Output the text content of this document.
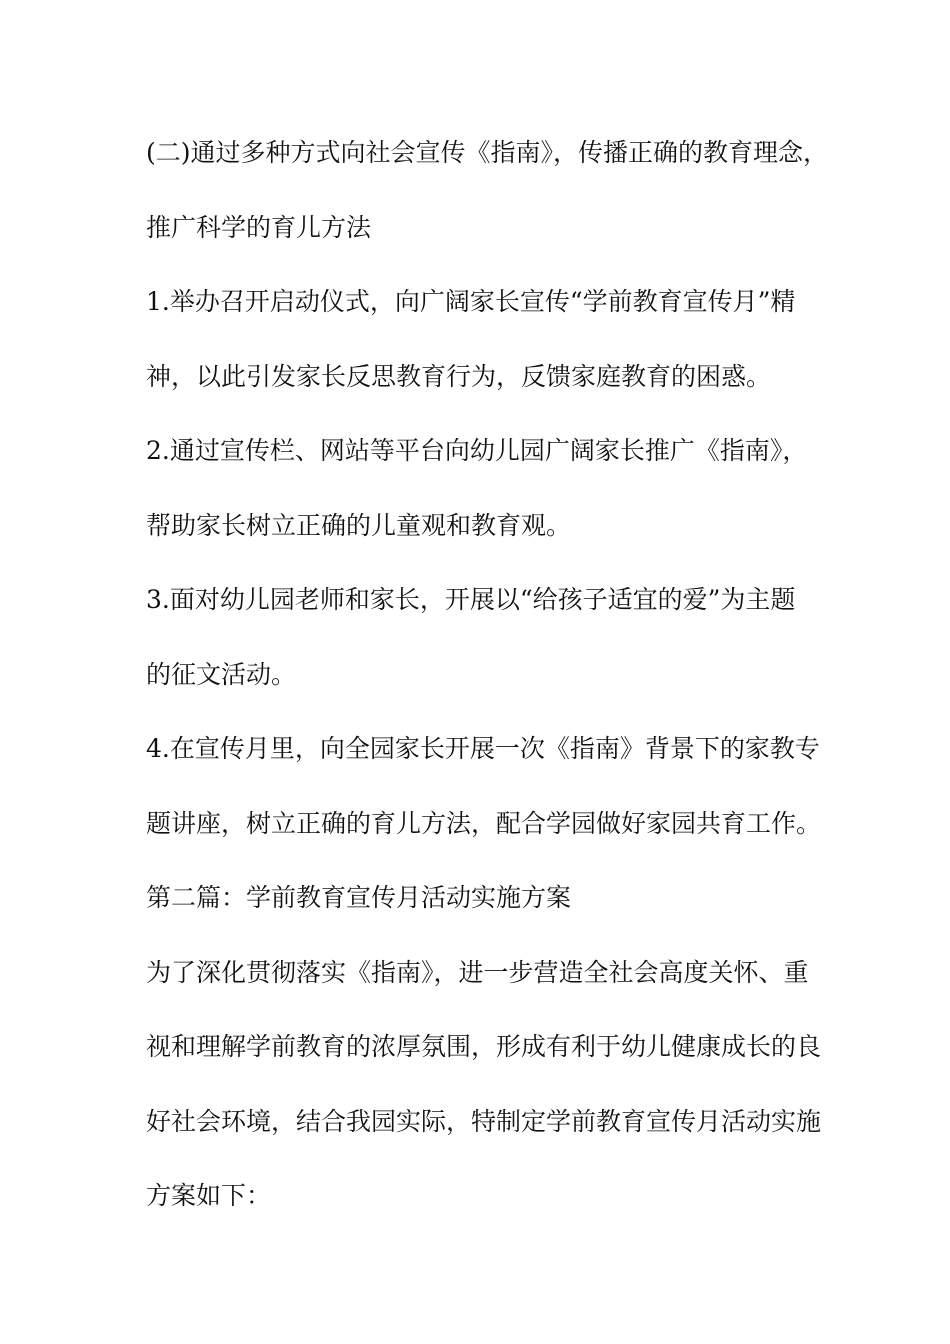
(二)通过多种方式向社会宣传《指南》，传播正确的教育理念，
推广科学的育儿方法
1.举办召开启动仪式，向广阔家长宣传“学前教育宣传月”精
神，以此引发家长反思教育行为，反馈家庭教育的困惑。
2.通过宣传栏、网站等平台向幼儿园广阔家长推广《指南》，
帮助家长树立正确的儿童观和教育观。
3.面对幼儿园老师和家长，开展以“给孩子适宜的爱”为主题
的征文活动。
4.在宣传月里，向全园家长开展一次《指南》背景下的家教专
题讲座，树立正确的育儿方法，配合学园做好家园共育工作。
第二篇：学前教育宣传月活动实施方案
为了深化贯彻落实《指南》，进一步营造全社会高度关怀、重
视和理解学前教育的浓厚氛围，形成有利于幼儿健康成长的良
好社会环境，结合我园实际，特制定学前教育宣传月活动实施
方案如下：
